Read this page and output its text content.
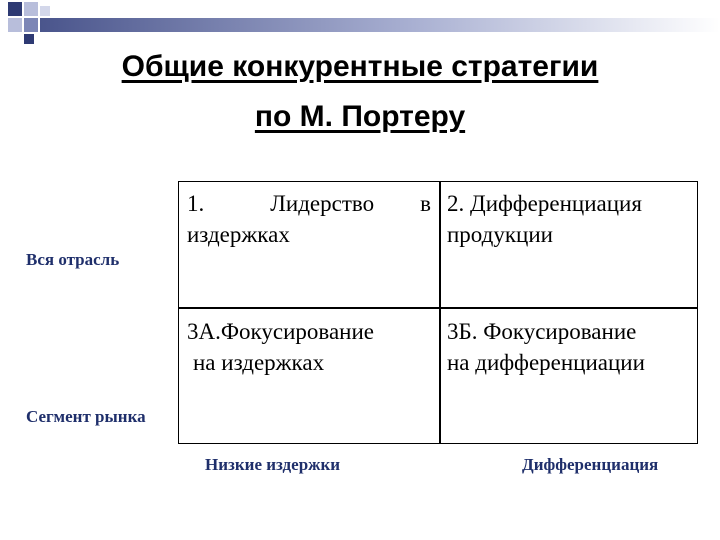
Общие конкурентные стратегии
по М. Портеру
Вся отрасль
Сегмент рынка
1.	Лидерство в
издержках
2. Дифференциация
продукции
3А.Фокусирование
на издержках
3Б. Фокусирование
на дифференциации
Низкие издержки	Дифференциация
